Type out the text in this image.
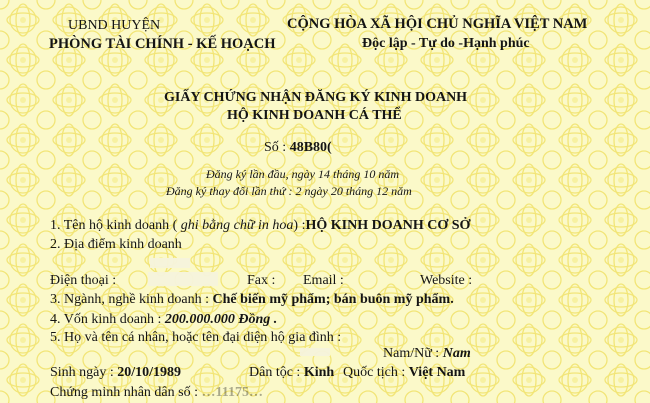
UBND HUYỆN
PHÒNG TÀI CHÍNH - KẾ HOẠCH
CỘNG HÒA XÃ HỘI CHỦ NGHĨA VIỆT NAM
Độc lập - Tự do -Hạnh phúc
GIẤY CHỨNG NHẬN ĐĂNG KÝ KINH DOANH
HỘ KINH DOANH CÁ THỂ
Số : 48B80(
Đăng ký lần đầu, ngày 14 tháng 10 năm
Đăng ký thay đổi lần thứ : 2 ngày 20 tháng 12 năm
1. Tên hộ kinh doanh ( ghi bằng chữ in hoa) :HỘ KINH DOANH CƠ SỞ
2. Địa điểm kinh doanh
Điện thoại :	Fax : Email :	Website :
3. Ngành, nghề kinh doanh : Chế biến mỹ phẩm; bán buôn mỹ phẩm.
4. Vốn kinh doanh : 200.000.000 Đồng .
5. Họ và tên cá nhân, hoặc tên đại diện hộ gia đình :
Nam/Nữ : Nam
Sinh ngày : 20/10/1989	Dân tộc : Kinh Quốc tịch : Việt Nam
Chứng minh nhân dân số : …11175…
